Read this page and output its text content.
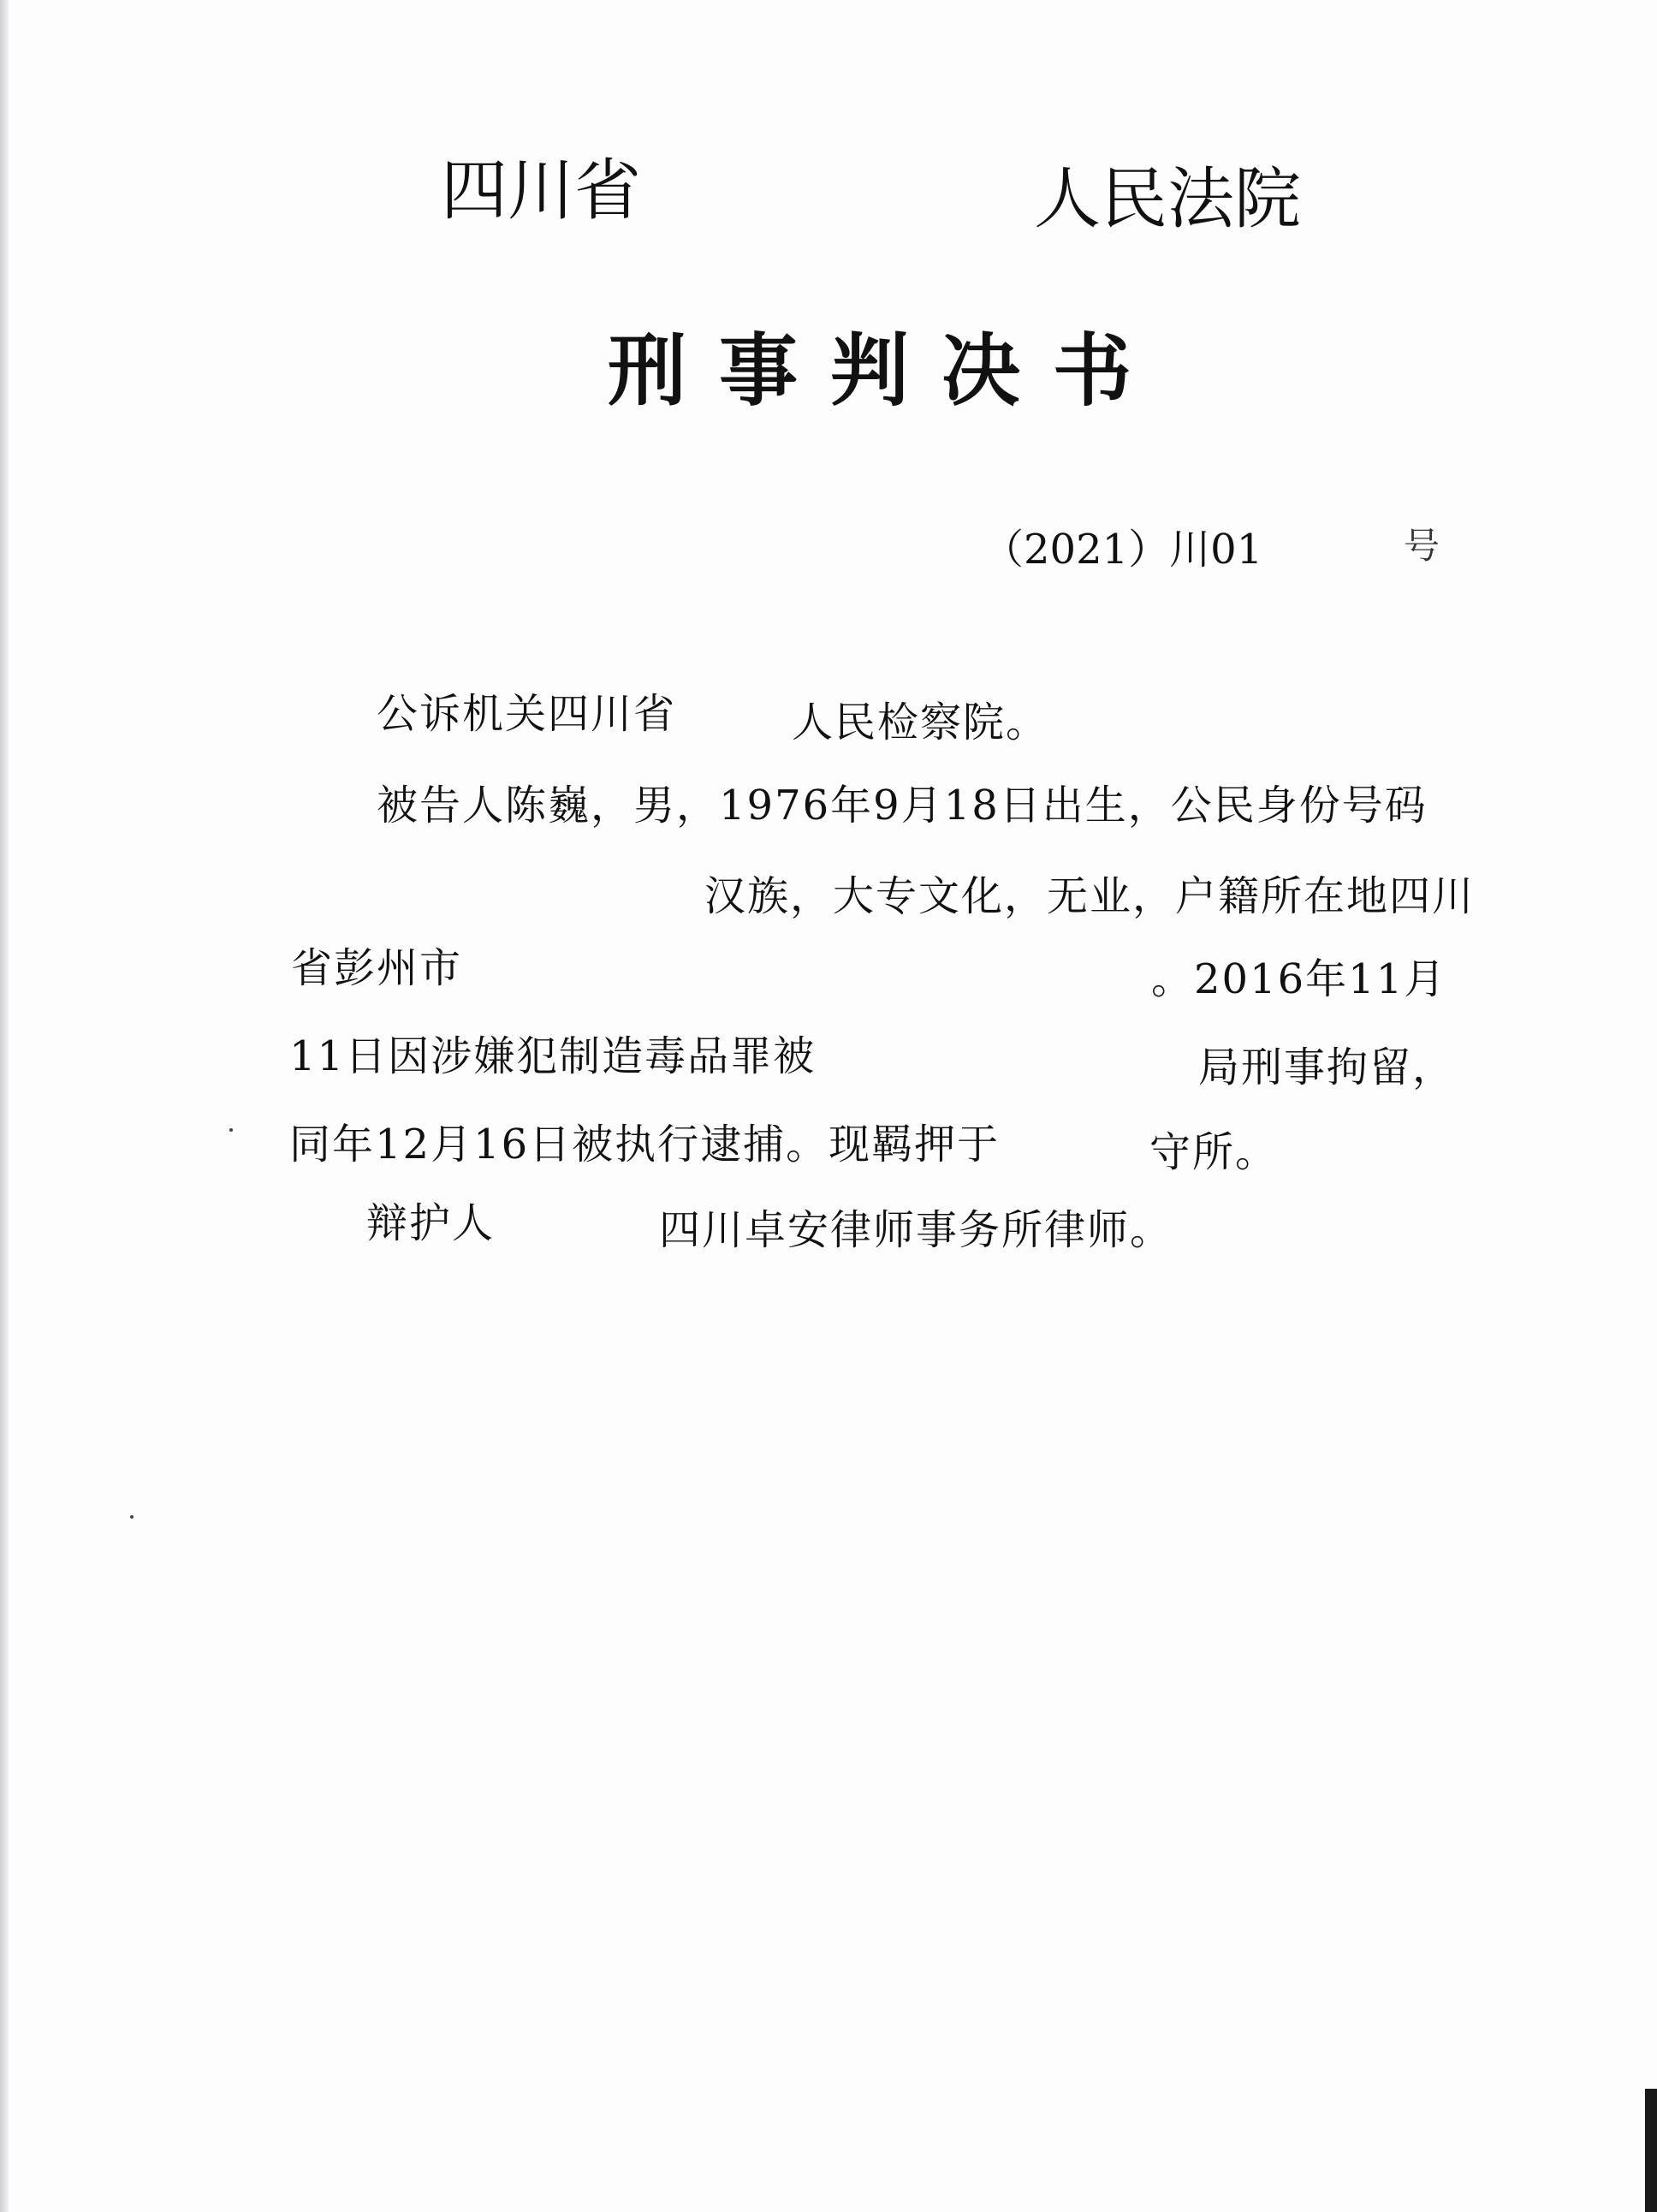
四川省	人民法院
刑事判决书
（2021）川01	号
公诉机关四川省	人民检察院。
被告人陈巍，男，1976年9月18日出生，公民身份号码
汉族，大专文化，无业，户籍所在地四川
省彭州市	。2016年11月
11日因涉嫌犯制造毒品罪被	局刑事拘留，
同年12月16日被执行逮捕。现羁押于	守所。
辩护人	四川卓安律师事务所律师。
